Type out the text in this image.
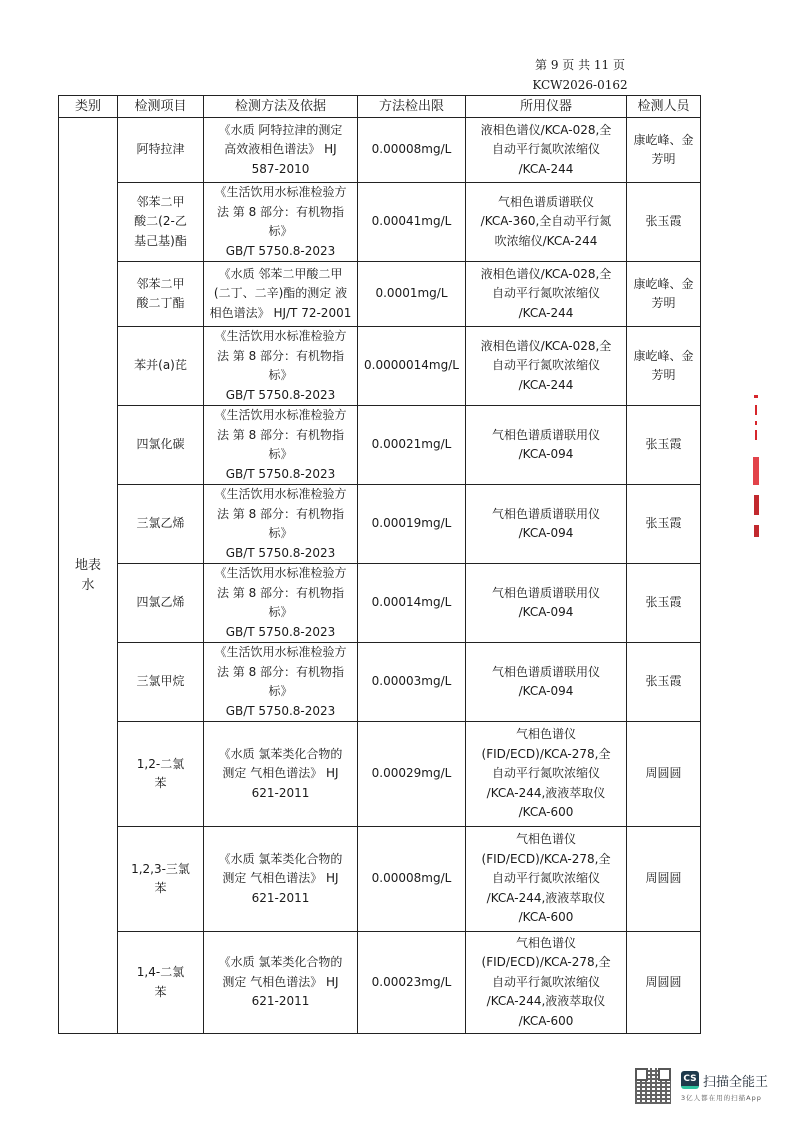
第 9 页 共 11 页
KCW2026-0162
类别	检测项目	检测方法及依据	方法检出限	所用仪器	检测人员
地表
水	阿特拉津	《水质 阿特拉津的测定
高效液相色谱法》 HJ
587-2010	0.00008mg/L	液相色谱仪/KCA-028,全
自动平行氮吹浓缩仪
/KCA-244	康屹峰、金
芳明
	邻苯二甲
酸二(2-乙
基己基)酯	《生活饮用水标准检验方
法 第 8 部分：有机物指标》
GB/T 5750.8-2023	0.00041mg/L	气相色谱质谱联仪
/KCA-360,全自动平行氮
吹浓缩仪/KCA-244	张玉霞
	邻苯二甲
酸二丁酯	《水质 邻苯二甲酸二甲
(二丁、二辛)酯的测定 液
相色谱法》 HJ/T 72-2001	0.0001mg/L	液相色谱仪/KCA-028,全
自动平行氮吹浓缩仪
/KCA-244	康屹峰、金
芳明
	苯并(a)芘	《生活饮用水标准检验方
法 第 8 部分：有机物指标》
GB/T 5750.8-2023	0.0000014mg/L	液相色谱仪/KCA-028,全
自动平行氮吹浓缩仪
/KCA-244	康屹峰、金
芳明
	四氯化碳	《生活饮用水标准检验方
法 第 8 部分：有机物指标》
GB/T 5750.8-2023	0.00021mg/L	气相色谱质谱联用仪
/KCA-094	张玉霞
	三氯乙烯	《生活饮用水标准检验方
法 第 8 部分：有机物指标》
GB/T 5750.8-2023	0.00019mg/L	气相色谱质谱联用仪
/KCA-094	张玉霞
	四氯乙烯	《生活饮用水标准检验方
法 第 8 部分：有机物指标》
GB/T 5750.8-2023	0.00014mg/L	气相色谱质谱联用仪
/KCA-094	张玉霞
	三氯甲烷	《生活饮用水标准检验方
法 第 8 部分：有机物指标》
GB/T 5750.8-2023	0.00003mg/L	气相色谱质谱联用仪
/KCA-094	张玉霞
	1,2-二氯
苯	《水质 氯苯类化合物的
测定 气相色谱法》 HJ
621-2011	0.00029mg/L	气相色谱仪
(FID/ECD)/KCA-278,全
自动平行氮吹浓缩仪
/KCA-244,液液萃取仪
/KCA-600	周圆圆
	1,2,3-三氯
苯	《水质 氯苯类化合物的
测定 气相色谱法》 HJ
621-2011	0.00008mg/L	气相色谱仪
(FID/ECD)/KCA-278,全
自动平行氮吹浓缩仪
/KCA-244,液液萃取仪
/KCA-600	周圆圆
	1,4-二氯
苯	《水质 氯苯类化合物的
测定 气相色谱法》 HJ
621-2011	0.00023mg/L	气相色谱仪
(FID/ECD)/KCA-278,全
自动平行氮吹浓缩仪
/KCA-244,液液萃取仪
/KCA-600	周圆圆
CS 扫描全能王
3亿人都在用的扫描App
